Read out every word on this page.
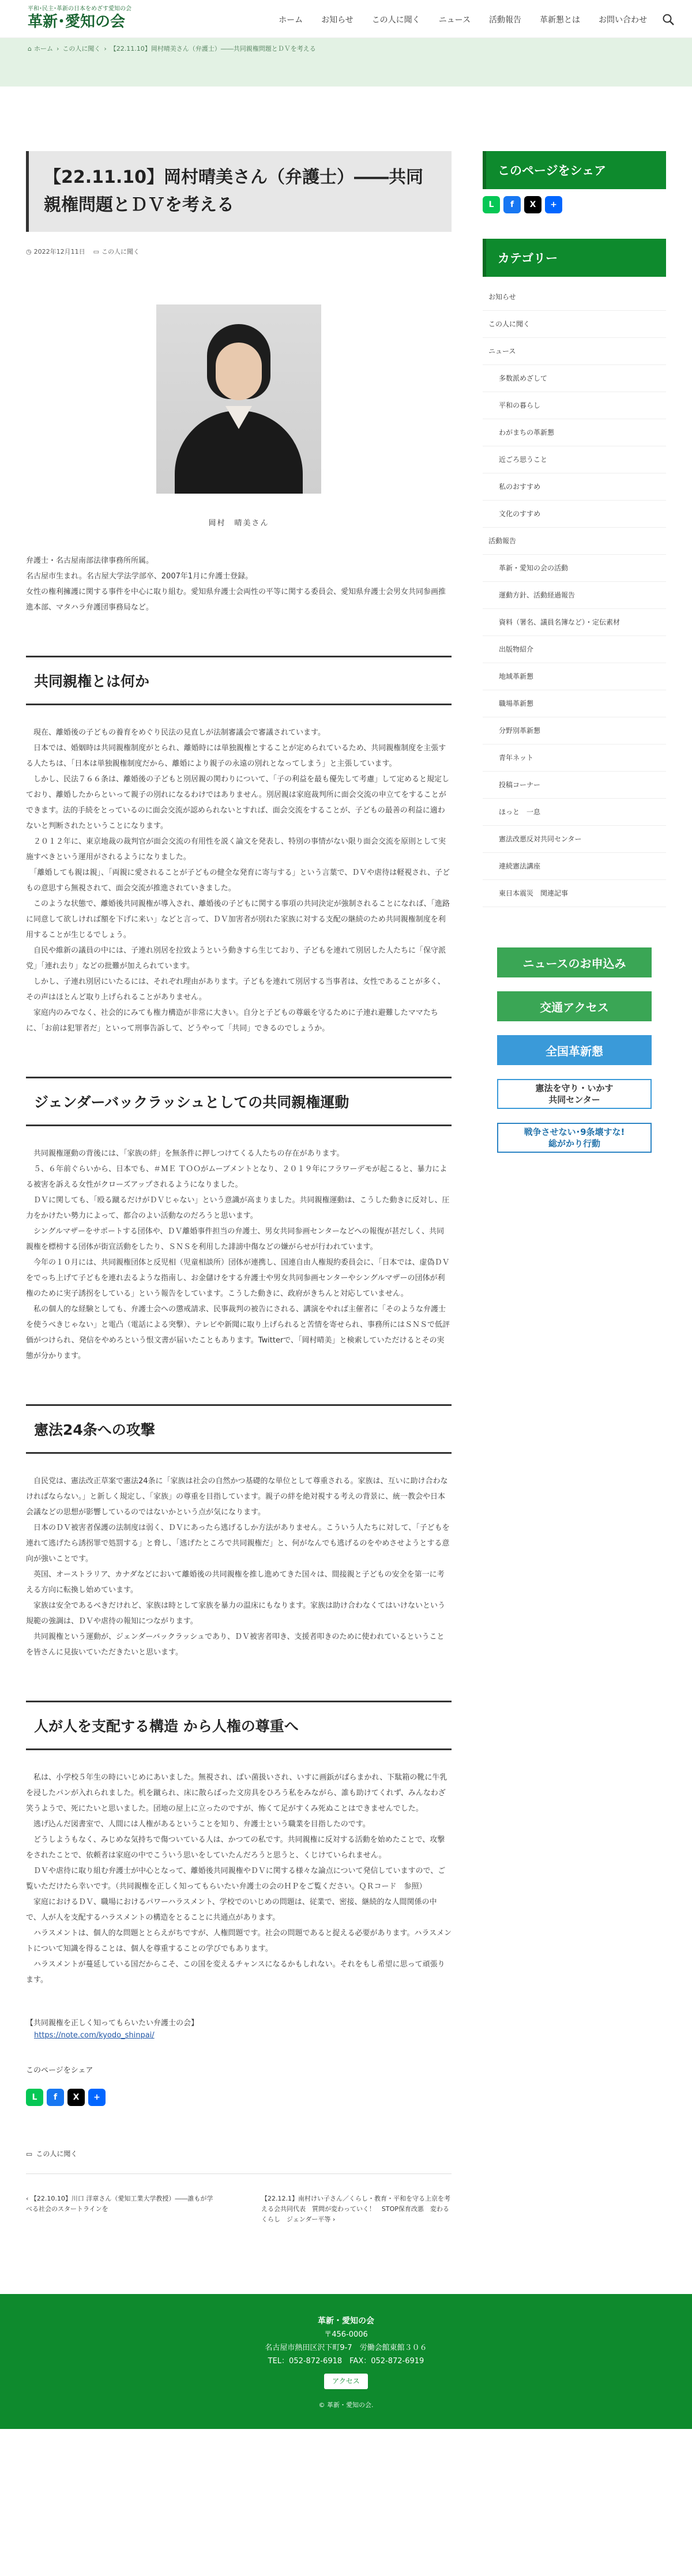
平和･民主･革新の日本をめざす愛知の会
革新･愛知の会	ホーム お知らせ この人に聞く ニュース 活動報告 革新懇とは お問い合わせ
⌂ ホーム › この人に聞く › 【22.11.10】岡村晴美さん（弁護士）――共同親権問題とＤＶを考える
【22.11.10】岡村晴美さん（弁護士）――共同親権問題とＤＶを考える
◷ 2022年12月11日 ▭ この人に聞く
岡村　晴美さん

弁護士・名古屋南部法律事務所所属。

名古屋市生まれ。名古屋大学法学部卒、2007年1月に弁護士登録。

女性の権利擁護に関する事件を中心に取り組む。愛知県弁護士会両性の平等に関する委員会、愛知県弁護士会男女共同参画推進本部、マタハラ弁護団事務局など。

共同親権とは何か

　現在、離婚後の子どもの養育をめぐり民法の見直しが法制審議会で審議されています。

　日本では、婚姻時は共同親権制度がとられ、離婚時には単独親権とすることが定められているため、共同親権制度を主張する人たちは、「日本は単独親権制度だから、離婚により親子の永遠の別れとなってしまう」と主張しています。

　しかし、民法７６６条は、離婚後の子どもと別居親の関わりについて、「子の利益を最も優先して考慮」して定めると規定しており、離婚したからといって親子の別れになるわけではありません。別居親は家庭裁判所に面会交流の申立てをすることができます。法的手続をとっているのに面会交流が認められないとすれば、面会交流をすることが、子どもの最善の利益に適わないと判断されたということになります。

　２０１２年に、東京地裁の裁判官が面会交流の有用性を説く論文を発表し、特別の事情がない限り面会交流を原則として実施すべきという運用がされるようになりました。

　「離婚しても親は親」、「両親に愛されることが子どもの健全な発育に寄与する」という言葉で、ＤＶや虐待は軽視され、子どもの意思すら無視されて、面会交流が推進されていきました。

　このような状態で、離婚後共同親権が導入され、離婚後の子どもに関する事項の共同決定が強制されることになれば、「進路に同意して欲しければ額を下げに来い」などと言って、ＤＶ加害者が別れた家族に対する支配の継続のため共同親権制度を利用することが生じるでしょう。

　自民や維新の議員の中には、子連れ別居を拉致ようという動きすら生じており、子どもを連れて別居した人たちに「保守派党」「連れ去り」などの批難が加えられています。

　しかし、子連れ別居にいたるには、それぞれ理由があります。子どもを連れて別居する当事者は、女性であることが多く、その声はほとんど取り上げられることがありません。

　家庭内のみでなく、社会的にみても権力構造が非常に大きい。自分と子どもの尊厳を守るために子連れ避難したママたちに、「お前は犯罪者だ」といって刑事告訴して、どうやって「共同」できるのでしょうか。

ジェンダーバックラッシュとしての共同親権運動

　共同親権運動の背後には、「家族の絆」を無条件に押しつけてくる人たちの存在があります。

　５、６年前ぐらいから、日本でも、＃ＭＥ ＴＯＯがムーブメントとなり、２０１９年にフラワーデモが起こると、暴力による被害を訴える女性がクローズアップされるようになりました。

　ＤＶに関しても、「殴る蹴るだけがＤＶじゃない」という意識が高まりました。共同親権運動は、こうした動きに反対し、圧力をかけたい勢力によって、都合のよい活動なのだろうと思います。

　シングルマザーをサポートする団体や、ＤＶ離婚事件担当の弁護士、男女共同参画センターなどへの報復が甚だしく、共同親権を標榜する団体が街宣活動をしたり、ＳＮＳを利用した誹謗中傷などの嫌がらせが行われています。

　今年の１０月には、共同親権団体と反児相（児童相談所）団体が連携し、国連自由人権規約委員会に、「日本では、虚偽ＤＶをでっち上げて子どもを連れ去るような指南し、お金儲けをする弁護士や男女共同参画センターやシングルマザーの団体が利権のために実子誘拐をしている」という報告をしています。こうした動きに、政府がきちんと対応していません。

　私の個人的な経験としても、弁護士会への懲戒請求、民事裁判の被告にされる、講演をやれば主催者に「そのような弁護士を使うべきじゃない」と電凸（電話による突撃）、テレビや新聞に取り上げられると苦情を寄せられ、事務所にはＳＮＳで低評価がつけられ、発信をやめろという恨文書が届いたこともあります。Twitterで、「岡村晴美」と検索していただけるとその実態が分かります。

憲法24条への攻撃

　自民党は、憲法改正草案で憲法24条に「家族は社会の自然かつ基礎的な単位として尊重される。家族は、互いに助け合わなければならない。」と新しく規定し、「家族」の尊重を目指しています。親子の絆を絶対視する考えの背景に、統一教会や日本会議などの思想が影響しているのではないかという点が気になります。

　日本のＤＶ被害者保護の法制度は弱く、ＤＶにあったら逃げるしか方法がありません。こういう人たちに対して、「子どもを連れて逃げたら誘拐罪で処罰する」と脅し、「逃げたところで共同親権だ」と、何がなんでも逃げるのをやめさせようとする意向が強いことです。

　英国、オーストラリア、カナダなどにおいて離婚後の共同親権を推し進めてきた国々は、間接親と子どもの安全を第一に考える方向に転換し始めています。

　家族は安全であるべきだけれど、家族は時として家族を暴力の温床にもなります。家族は助け合わなくてはいけないという規範の強調は、ＤＶや虐待の報知につながります。

　共同親権という運動が、ジェンダーバックラッシュであり、ＤＶ被害者叩き、支援者叩きのために使われているということを皆さんに見抜いていただきたいと思います。

人が人を支配する構造 から人権の尊重へ

　私は、小学校５年生の時にいじめにあいました。無視され、ばい菌扱いされ、いすに画鋲がばらまかれ、下駄箱の靴に牛乳を浸したパンが入れられました。机を蹴られ、床に散らばった文房具をひろう私をみながら、誰も助けてくれず、みんなわざ笑うようで、死にたいと思いました。団地の屋上に立ったのですが、怖くて足がすくみ死ぬことはできませんでした。

　逃げ込んだ図書室で、人間には人権があるということを知り、弁護士という職業を目指したのです。

　どうしようもなく、みじめな気持ちで傷ついている人は、かつての私です。共同親権に反対する活動を始めたことで、攻撃をされたことで、依頼者は家庭の中でこういう思いをしていたんだろうと思うと、くじけていられません。

　ＤＶや虐待に取り組む弁護士が中心となって、離婚後共同親権やＤＶに関する様々な論点について発信していますので、ご覧いただけたら幸いです。（共同親権を正しく知ってもらいたい弁護士の会のＨＰをご覧ください。ＱＲコード　参照）

　家庭におけるＤＶ、職場におけるパワーハラスメント、学校でのいじめの問題は、従業で、密接、継続的な人間関係の中で、人が人を支配するハラスメントの構造をとることに共通点があります。

　ハラスメントは、個人的な問題ととらえがちですが、人権問題です。社会の問題であると捉える必要があります。ハラスメントについて知識を得ることは、個人を尊重することの学びでもあります。

　ハラスメントが蔓延している国だからこそ、この国を変えるチャンスになるかもしれない。それをもし希望に思って頑張ります。

【共同親権を正しく知ってもらいたい弁護士の会】

https://note.com/kyodo_shinpai/

このページをシェア

L	f	X	+
▭ この人に聞く
‹ 【22.10.10】川口 洋章さん（愛知工業大学教授）――誰もが学べる社会のスタートラインを
【22.12.1】南村けい子さん／くらし・教育・平和を守る上京を考える会共同代表　質問が変わっていく！　STOP保育改悪　変わるくらし　ジェンダー平等 ›
このページをシェア
L	f	X	+
カテゴリー
お知らせ
この人に聞く
ニュース
多数派めざして
平和の暮らし
わがまちの革新懇
近ごろ思うこと
私のおすすめ
文化のすすめ
活動報告
革新・愛知の会の活動
運動方針、活動経過報告
資料（署名、議員名簿など）・定伝素材
出版物紹介
地域革新懇
職場革新懇
分野別革新懇
青年ネット
投稿コーナー
ほっと　一息
憲法改悪反対共同センター
連続憲法講座
東日本震災　関連記事
ニュースのお申込み
交通アクセス
全国革新懇
憲法を守り・いかす
共同センター
戦争させない･9条壊すな!
総がかり行動

革新・愛知の会

〒456-0006

名古屋市熱田区沢下町9-7　労働会館東館３０６

TEL：052-872-6918　FAX：052-872-6919

アクセス

© 革新・愛知の会.
